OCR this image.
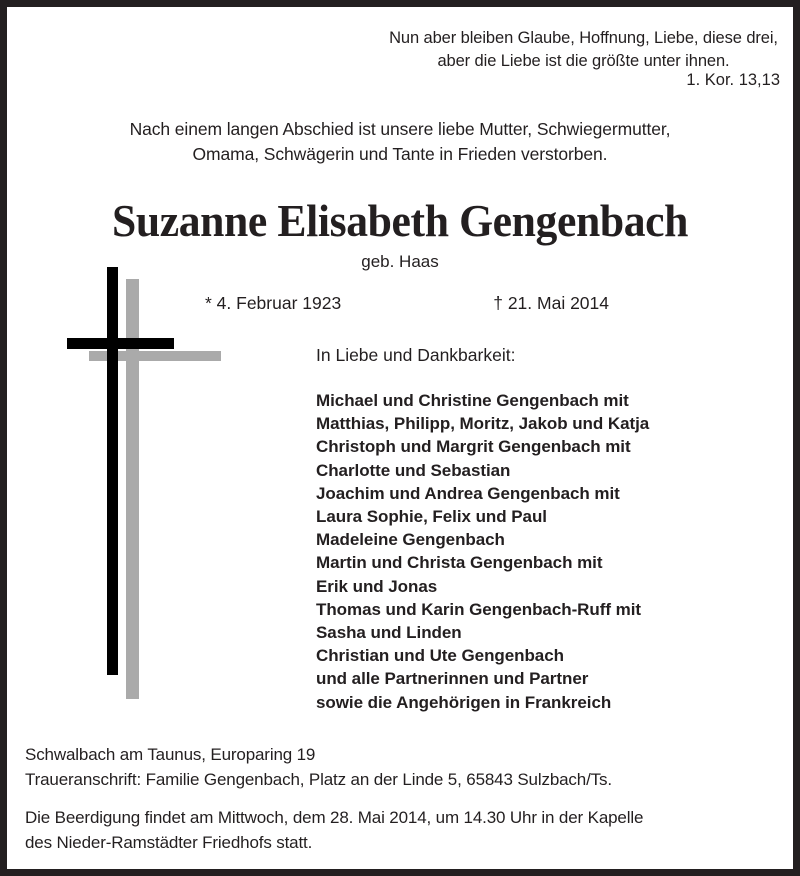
Nun aber bleiben Glaube, Hoffnung, Liebe, diese drei,
aber die Liebe ist die größte unter ihnen.
1. Kor. 13,13
Nach einem langen Abschied ist unsere liebe Mutter, Schwiegermutter,
Omama, Schwägerin und Tante in Frieden verstorben.
Suzanne Elisabeth Gengenbach
geb. Haas
* 4. Februar 1923	† 21. Mai 2014
In Liebe und Dankbarkeit:
Michael und Christine Gengenbach mit
Matthias, Philipp, Moritz, Jakob und Katja
Christoph und Margrit Gengenbach mit
Charlotte und Sebastian
Joachim und Andrea Gengenbach mit
Laura Sophie, Felix und Paul
Madeleine Gengenbach
Martin und Christa Gengenbach mit
Erik und Jonas
Thomas und Karin Gengenbach-Ruff mit
Sasha und Linden
Christian und Ute Gengenbach
und alle Partnerinnen und Partner
sowie die Angehörigen in Frankreich
Schwalbach am Taunus, Europaring 19
Traueranschrift: Familie Gengenbach, Platz an der Linde 5, 65843 Sulzbach/Ts.
Die Beerdigung findet am Mittwoch, dem 28. Mai 2014, um 14.30 Uhr in der Kapelle
des Nieder-Ramstädter Friedhofs statt.
